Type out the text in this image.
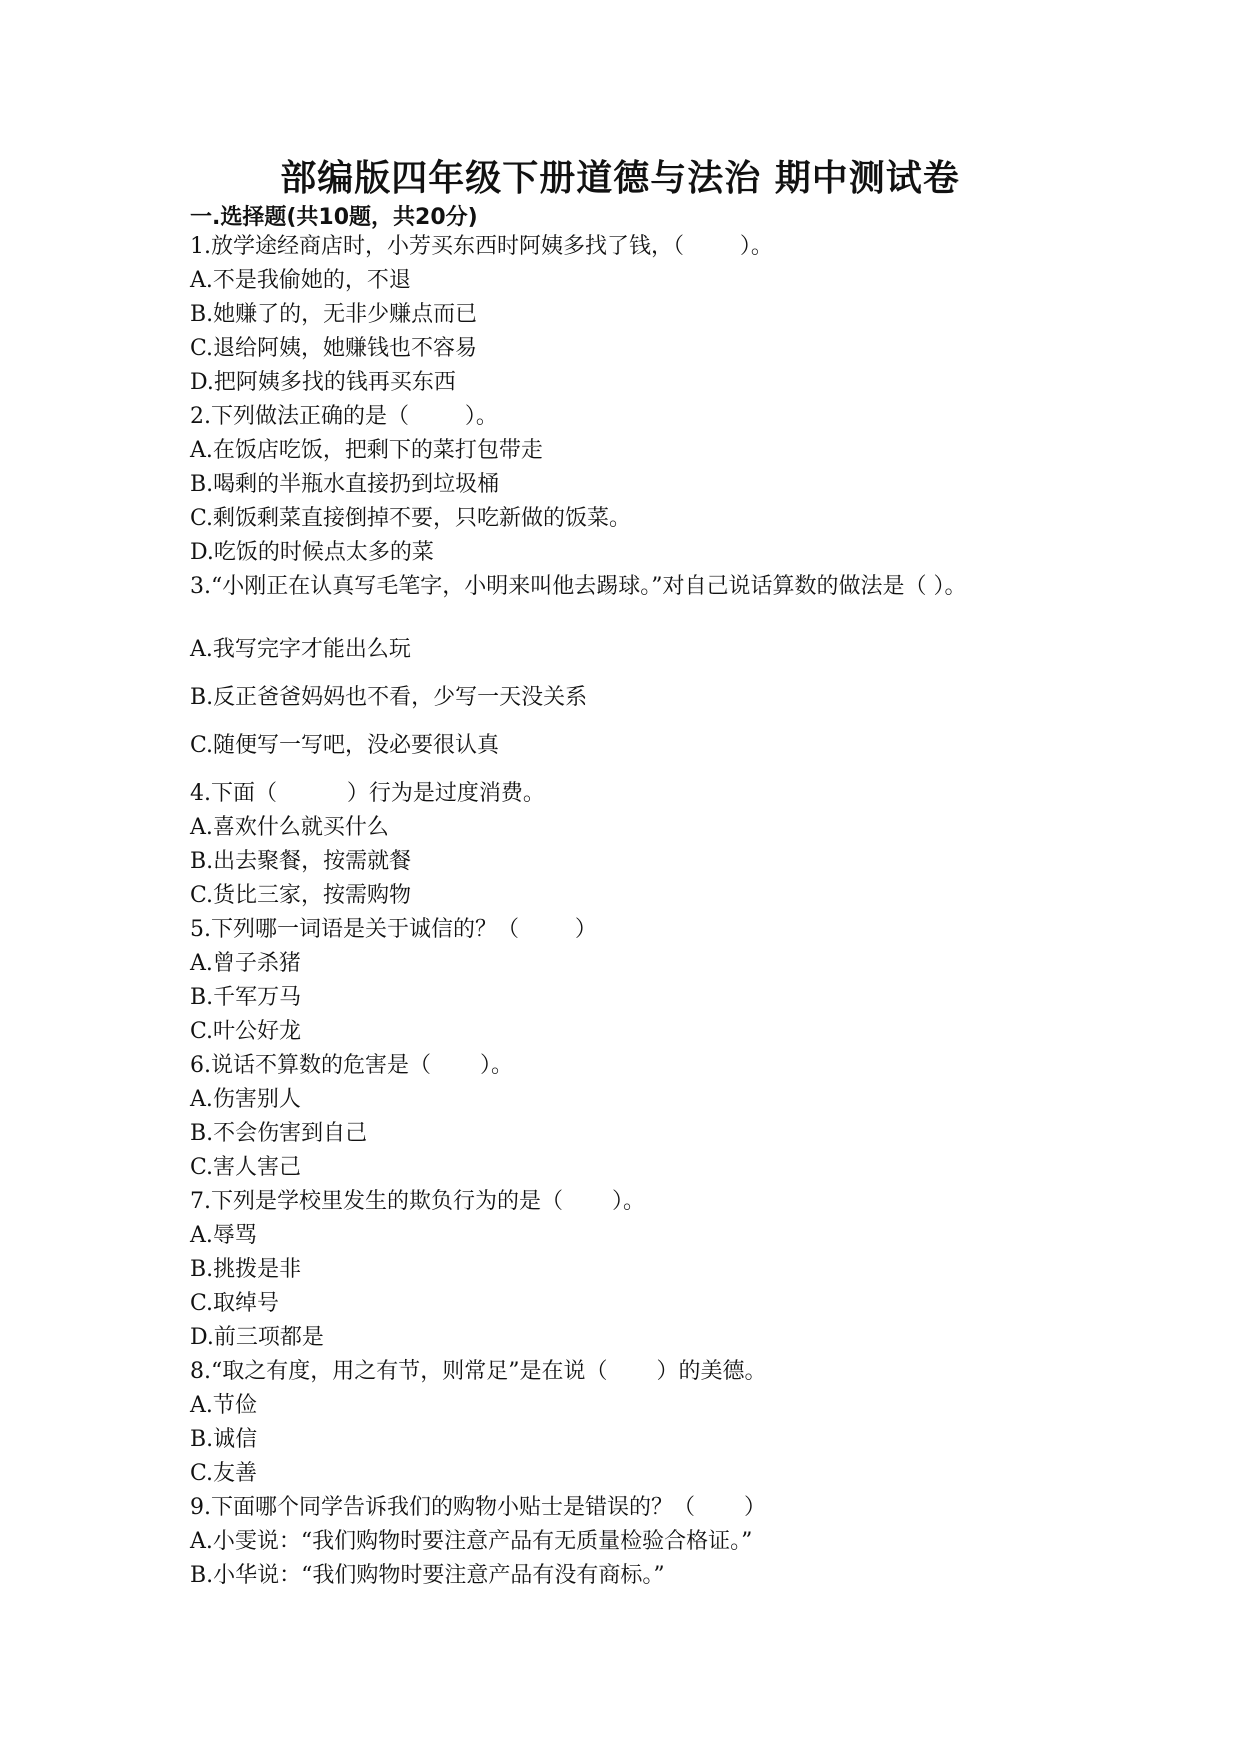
部编版四年级下册道德与法治 期中测试卷
一.选择题(共10题，共20分)
1.放学途经商店时，小芳买东西时阿姨多找了钱，（        ）。
A.不是我偷她的，不退
B.她赚了的，无非少赚点而已
C.退给阿姨，她赚钱也不容易
D.把阿姨多找的钱再买东西
2.下列做法正确的是（        ）。
A.在饭店吃饭，把剩下的菜打包带走
B.喝剩的半瓶水直接扔到垃圾桶
C.剩饭剩菜直接倒掉不要，只吃新做的饭菜。
D.吃饭的时候点太多的菜
3.“小刚正在认真写毛笔字，小明来叫他去踢球。”对自己说话算数的做法是（ ）。
A.我写完字才能出么玩
B.反正爸爸妈妈也不看，少写一天没关系
C.随便写一写吧，没必要很认真
4.下面（          ）行为是过度消费。
A.喜欢什么就买什么
B.出去聚餐，按需就餐
C.货比三家，按需购物
5.下列哪一词语是关于诚信的？（        ）
A.曾子杀猪
B.千军万马
C.叶公好龙
6.说话不算数的危害是（       ）。
A.伤害别人
B.不会伤害到自己
C.害人害己
7.下列是学校里发生的欺负行为的是（       ）。
A.辱骂
B.挑拨是非
C.取绰号
D.前三项都是
8.“取之有度，用之有节，则常足”是在说（       ）的美德。
A.节俭
B.诚信
C.友善
9.下面哪个同学告诉我们的购物小贴士是错误的？（       ）
A.小雯说：“我们购物时要注意产品有无质量检验合格证。”
B.小华说：“我们购物时要注意产品有没有商标。”
